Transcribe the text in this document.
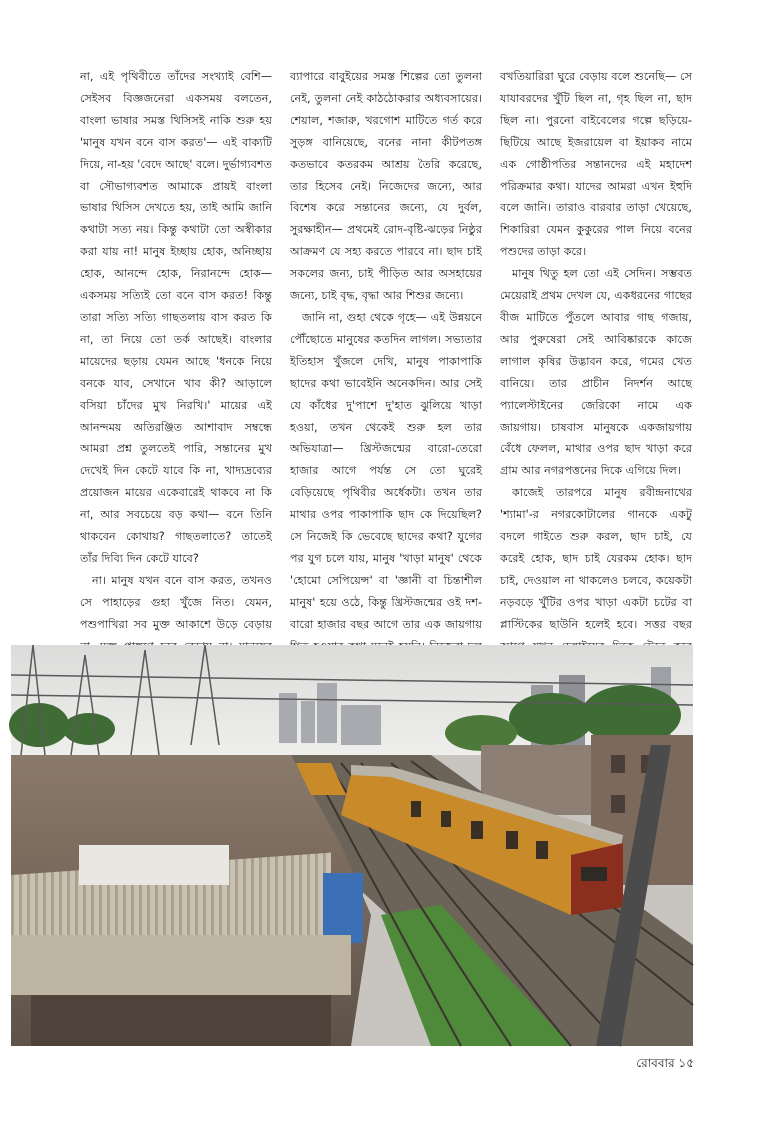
না, এই পৃথিবীতে তাঁদের সংখ্যাই বেশি— সেইসব বিজ্ঞজনেরা একসময় বলতেন, বাংলা ভাষার সমস্ত থিসিসই নাকি শুরু হয় 'মানুষ যখন বনে বাস করত'— এই বাক্যটি দিয়ে, না-হয় 'বেদে আছে' বলে। দুর্ভাগ্যবশত বা সৌভাগ্যবশত আমাকে প্রায়ই বাংলা ভাষার থিসিস দেখতে হয়, তাই আমি জানি কথাটা সত্য নয়। কিন্তু কথাটা তো অস্বীকার করা যায় না! মানুষ ইচ্ছায় হোক, অনিচ্ছায় হোক, আনন্দে হোক, নিরানন্দে হোক— একসময় সত্যিই তো বনে বাস করত! কিন্তু তারা সত্যি সত্যি গাছতলায় বাস করত কি না, তা নিয়ে তো তর্ক আছেই। বাংলার মায়েদের ছড়ায় যেমন আছে 'ধনকে নিয়ে বনকে যাব, সেখানে খাব কী? আড়ালে বসিয়া চাঁদের মুখ নিরখি।' মায়ের এই আনন্দময় অতিরঞ্জিত আশাবাদ সম্বন্ধে আমরা প্রশ্ন তুলতেই পারি, সন্তানের মুখ দেখেই দিন কেটে যাবে কি না, খাদ্যদ্রব্যের প্রয়োজন মায়ের একেবারেই থাকবে না কি না, আর সবচেয়ে বড় কথা— বনে তিনি থাকবেন কোথায়? গাছতলাতে? তাতেই তাঁর দিব্যি দিন কেটে যাবে?

না। মানুষ যখন বনে বাস করত, তখনও সে পাহাড়ের গুহা খুঁজে নিত। যেমন, পশুপাখিরা সব মুক্ত আকাশে উড়ে বেড়ায়

ব্যাপারে বাবুইয়ের সমস্ত শিল্পের তো তুলনা নেই, তুলনা নেই কাঠঠোকরার অধ্যবসায়ের। শেয়াল, শজারু, খরগোশ মাটিতে গর্ত করে সুড়ঙ্গ বানিয়েছে, বনের নানা কীটপতঙ্গ কতভাবে কতরকম আশ্রয় তৈরি করেছে, তার হিসেব নেই। নিজেদের জন্যে, আর বিশেষ করে সন্তানের জন্যে, যে দুর্বল, সুরক্ষাহীন— প্রথমেই রোদ-বৃষ্টি-ঝড়ের নিষ্ঠুর আক্রমণ যে সহ্য করতে পারবে না। ছাদ চাই সকলের জন্য, চাই পীড়িত আর অসহায়ের জন্যে, চাই বৃদ্ধ, বৃদ্ধা আর শিশুর জন্যে।

জানি না, গুহা থেকে গৃহে— এই উন্নয়নে পৌঁছোতে মানুষের কতদিন লাগল। সভ্যতার ইতিহাস খুঁজলে দেখি, মানুষ পাকাপাকি ছাদের কথা ভাবেইনি অনেকদিন। আর সেই যে কাঁধের দু'পাশে দু'হাত ঝুলিয়ে খাড়া হওয়া, তখন থেকেই শুরু হল তার অভিযাত্রা— খ্রিস্টজন্মের বারো-তেরো হাজার আগে পর্যন্ত সে তো ঘুরেই বেড়িয়েছে পৃথিবীর অর্ধেকটা। তখন তার মাথার ওপর পাকাপাকি ছাদ কে দিয়েছিল? সে নিজেই কি ভেবেছে ছাদের কথা? যুগের পর যুগ চলে যায়, মানুষ 'খাড়া মানুষ' থেকে 'হোমো সেপিয়েন্স' বা 'জ্ঞানী বা চিন্তাশীল মানুষ' হয়ে ওঠে, কিন্তু খ্রিস্টজন্মের ওই দশ-বারো হাজার বছর আগে তার এক জায়গায়

বখতিয়ারিরা ঘুরে বেড়ায় বলে শুনেছি— সে যাযাবরদের খুঁটি ছিল না, গৃহ ছিল না, ছাদ ছিল না। পুরনো বাইবেলের গল্পে ছড়িয়ে-ছিটিয়ে আছে ইজরায়েল বা ইয়াকব নামে এক গোষ্ঠীপতির সন্তানদের এই মহাদেশ পরিক্রমার কথা। যাদের আমরা এখন ইহুদি বলে জানি। তারাও বারবার তাড়া খেয়েছে, শিকারিরা যেমন কুকুরের পাল নিয়ে বনের পশুদের তাড়া করে।

মানুষ থিতু হল তো এই সেদিন। সম্ভবত মেয়েরাই প্রথম দেখল যে, একধরনের গাছের বীজ মাটিতে পুঁতলে আবার গাছ গজায়, আর পুরুষেরা সেই আবিষ্কারকে কাজে লাগাল কৃষির উদ্ভাবন করে, গমের খেত বানিয়ে। তার প্রাচীন নিদর্শন আছে প্যালেস্টাইনের জেরিকো নামে এক জায়গায়। চাষবাস মানুষকে একজায়গায় বেঁধে ফেলল, মাথার ওপর ছাদ খাড়া করে গ্রাম আর নগরপত্তনের দিকে এগিয়ে দিল।

কাজেই তারপরে মানুষ রবীন্দ্রনাথের 'শ্যামা'-র নগরকোটালের গানকে একটু বদলে গাইতে শুরু করল, ছাদ চাই, যে করেই হোক, ছাদ চাই যেরকম হোক। ছাদ চাই, দেওয়াল না থাকলেও চলবে, কয়েকটা নড়বড়ে খুঁটির ওপর খাড়া একটা চটের বা প্লাস্টিকের ছাউনি হলেই হবে। সত্তর বছর

রোববার ১৫
